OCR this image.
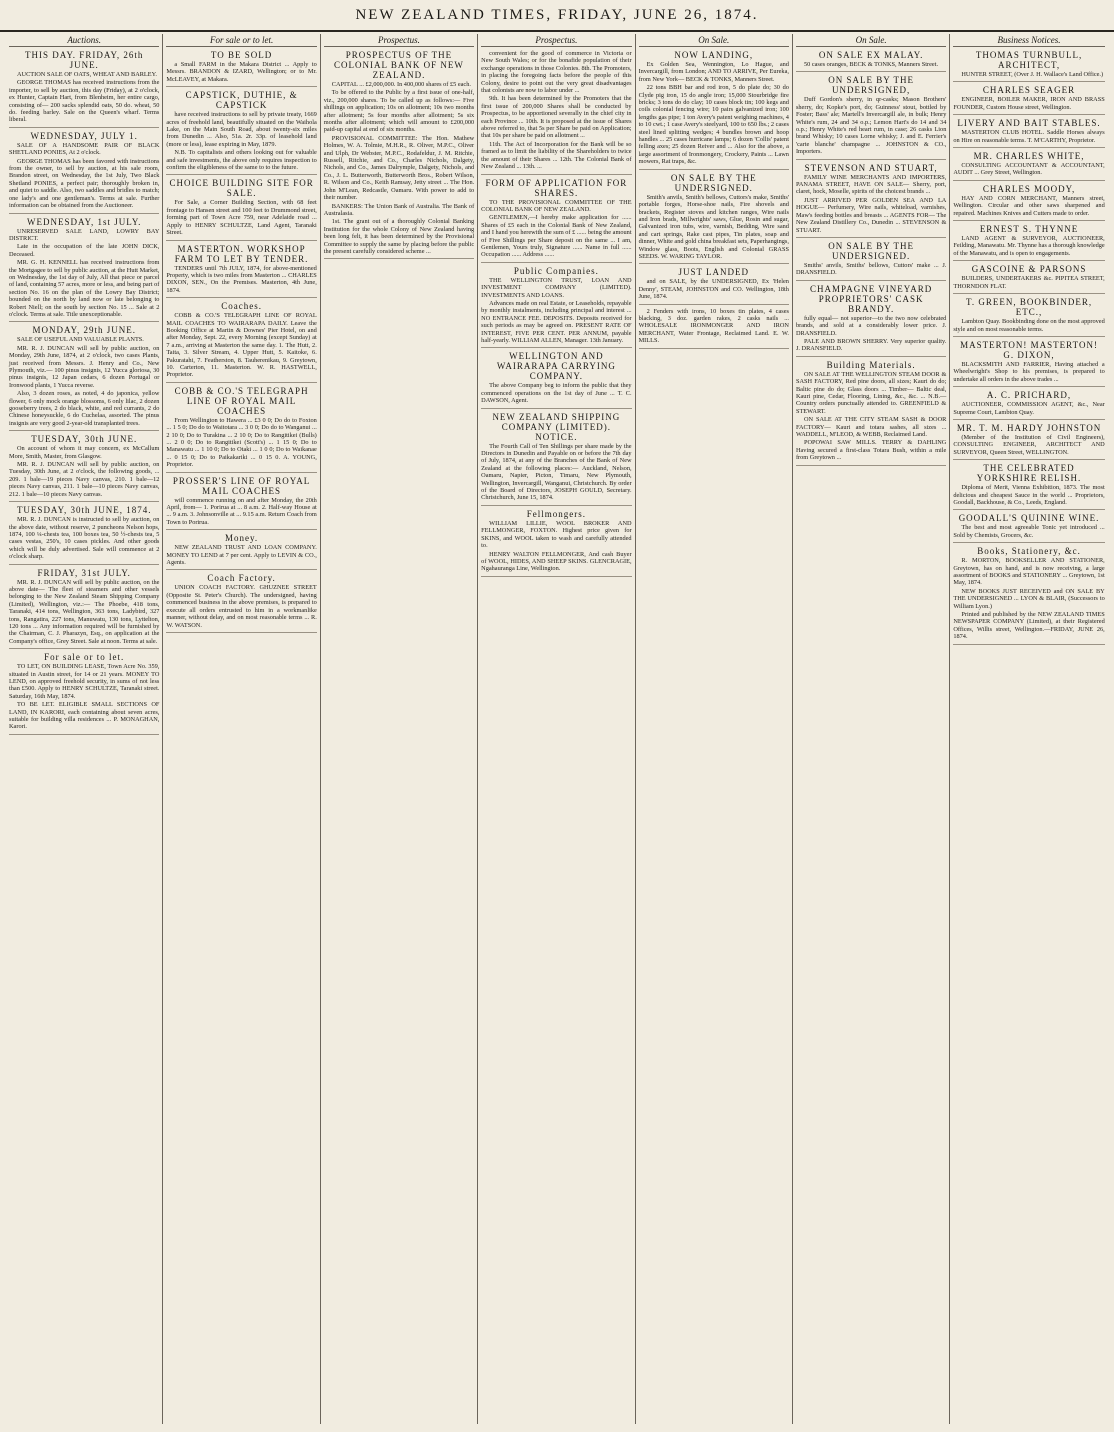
NEW ZEALAND TIMES, FRIDAY, JUNE 26, 1874.
Auctions.
THIS DAY. FRIDAY, 26th JUNE.
AUCTION SALE OF OATS, WHEAT AND BARLEY.
GEORGE THOMAS has received instructions from the importer, to sell by auction, this day (Friday), at 2 o'clock, ex Hunter, Captain Hart, from Blenheim, her entire cargo, consisting of— 200 sacks splendid oats, 50 do. wheat, 50 do. feeding barley. Sale on the Queen's wharf. Terms liberal.
WEDNESDAY, JULY 1.
SALE OF A HANDSOME PAIR OF BLACK SHETLAND PONIES, At 2 o'clock.
GEORGE THOMAS has been favored with instructions from the owner, to sell by auction, at his sale room, Brandon street, on Wednesday, the 1st July, Two Black Shetland PONIES, a perfect pair; thoroughly broken in, and quiet to saddle. Also, two saddles and bridles to match; one lady's and one gentleman's. Terms at sale. Further information can be obtained from the Auctioneer.
WEDNESDAY, 1st JULY.
UNRESERVED SALE LAND, LOWRY BAY DISTRICT.
Late in the occupation of the late JOHN DICK, Deceased.
MR. G. H. KENNELL has received instructions from the Mortgagee to sell by public auction, at the Hutt Market, on Wednesday, the 1st day of July, All that piece or parcel of land, containing 57 acres, more or less, and being part of section No. 16 on the plan of the Lowry Bay District; bounded on the north by land now or late belonging to Robert Niell; on the south by section No. 15 ... Sale at 2 o'clock. Terms at sale. Title unexceptionable.
MONDAY, 29th JUNE.
SALE OF USEFUL AND VALUABLE PLANTS.
MR. R. J. DUNCAN will sell by public auction, on Monday, 29th June, 1874, at 2 o'clock, two cases Plants, just received from Messrs. J. Henry and Co., New Plymouth, viz.— 100 pinus insignis, 12 Yucca gloriosa, 30 pinus insignis, 12 Japan cedars, 6 dozen Portugal or Ironwood plants, 1 Yucca reverse.
Also, 3 dozen roses, as noted, 4 do japonica, yellow flower, 6 only mock orange blossoms, 6 only lilac, 2 dozen gooseberry trees, 2 do black, white, and red currants, 2 do Chinese honeysuckle, 6 do Cuchelaa, assorted. The pinus insignis are very good 2-year-old transplanted trees.
TUESDAY, 30th JUNE.
On account of whom it may concern, ex McCallum More, Smith, Master, from Glasgow.
MR. R. J. DUNCAN will sell by public auction, on Tuesday, 30th June, at 2 o'clock, the following goods, ... 209. 1 bale—19 pieces Navy canvas, 210. 1 bale—12 pieces Navy canvas, 211. 1 bale—10 pieces Navy canvas, 212. 1 bale—10 pieces Navy canvas.
TUESDAY, 30th JUNE, 1874.
MR. R. J. DUNCAN is instructed to sell by auction, on the above date, without reserve, 2 puncheons Nelson hops, 1874, 100 ¼-chests tea, 100 boxes tea, 50 ½-chests tea, 5 cases vestas, 250's, 10 cases pickles. And other goods which will be duly advertised. Sale will commence at 2 o'clock sharp.
FRIDAY, 31st JULY.
MR. R. J. DUNCAN will sell by public auction, on the above date— The fleet of steamers and other vessels belonging to the New Zealand Steam Shipping Company (Limited), Wellington, viz.:— The Phoebe, 418 tons, Taranaki, 414 tons, Wellington, 363 tons, Ladybird, 327 tons, Rangatira, 227 tons, Manuwatu, 130 tons, Lyttelton, 120 tons ... Any information required will be furnished by the Chairman, C. J. Pharazyn, Esq., on application at the Company's office, Grey Street. Sale at noon. Terms at sale.
For sale or to let.
TO LET, ON BUILDING LEASE, Town Acre No. 359, situated in Austin street, for 14 or 21 years. MONEY TO LEND, on approved freehold security, in sums of not less than £500. Apply to HENRY SCHULTZE, Taranaki street. Saturday, 16th May, 1874.
TO BE LET. ELIGIBLE SMALL SECTIONS OF LAND, IN KARORI, each containing about seven acres, suitable for building villa residences ... P. MONAGHAN, Karori.
For sale or to let.
TO BE SOLD
a Small FARM in the Makara District ... Apply to Messrs. BRANDON & IZARD, Wellington; or to Mr. McLEAVEY, at Makara.
CAPSTICK, DUTHIE, & CAPSTICK
have received instructions to sell by private treaty, 1669 acres of freehold land, beautifully situated on the Waihola Lake, on the Main South Road, about twenty-six miles from Dunedin ... Also, 51a. 2r. 33p. of leasehold land (more or less), lease expiring in May, 1879.
N.B. To capitalists and others looking out for valuable and safe investments, the above only requires inspection to confirm the eligibleness of the same to to the future.
CHOICE BUILDING SITE FOR SALE.
For Sale, a Corner Building Section, with 68 feet frontage to Hansen street and 100 feet to Drummond street, forming part of Town Acre 759, near Adelaide road ... Apply to HENRY SCHULTZE, Land Agent, Taranaki Street.
MASTERTON. WORKSHOP FARM TO LET BY TENDER.
TENDERS until 7th JULY, 1874, for above-mentioned Property, which is two miles from Masterton ... CHARLES DIXON, SEN., On the Premises. Masterton, 4th June, 1874.
Coaches.
COBB & CO.'S TELEGRAPH LINE OF ROYAL MAIL COACHES TO WAIRARAPA DAILY. Leave the Booking Office at Martin & Downes' Pier Hotel, on and after Monday, Sept. 22, every Morning (except Sunday) at 7 a.m., arriving at Masterton the same day. 1. The Hutt, 2. Taita, 3. Silver Stream, 4. Upper Hutt, 5. Kaitoke, 6. Pakuratahi, 7. Featherston, 8. Tauherenikau, 9. Greytown, 10. Carterton, 11. Masterton. W. R. HASTWELL, Proprietor.
COBB & CO.'S TELEGRAPH LINE OF ROYAL MAIL COACHES
From Wellington to Hawera ... £3 0 0; Do do to Foxton ... 1 5 0; Do do to Waitotara ... 3 0 0; Do do to Wanganui ... 2 10 0; Do to Turakina ... 2 10 0; Do to Rangitikei (Bulls) ... 2 0 0; Do to Rangitikei (Scott's) ... 1 15 0; Do to Manawatu ... 1 10 0; Do to Otaki ... 1 0 0; Do to Waikanae ... 0 15 0; Do to Paikakariki ... 0 15 0. A. YOUNG, Proprietor.
PROSSER'S LINE OF ROYAL MAIL COACHES
will commence running on and after Monday, the 20th April, from— 1. Porirua at ... 8 a.m. 2. Half-way House at ... 9 a.m. 3. Johnsonville at ... 9.15 a.m. Return Coach from Town to Porirua.
Money.
NEW ZEALAND TRUST AND LOAN COMPANY. MONEY TO LEND at 7 per cent. Apply to LEVIN & CO., Agents.
Coach Factory.
UNION COACH FACTORY. GHUZNEE STREET (Opposite St. Peter's Church). The undersigned, having commenced business in the above premises, is prepared to execute all orders entrusted to him in a workmanlike manner, without delay, and on most reasonable terms ... R. W. WATSON.
Prospectus.
PROSPECTUS OF THE COLONIAL BANK OF NEW ZEALAND.
CAPITAL ... £2,000,000. In 400,000 shares of £5 each.
To be offered to the Public by a first issue of one-half, viz., 200,000 shares. To be called up as follows:— Five shillings on application; 10s on allotment; 10s two months after allotment; 5s four months after allotment; 5s six months after allotment; which will amount to £200,000 paid-up capital at end of six months.
PROVISIONAL COMMITTEE: The Hon. Mathew Holmes, W. A. Tolmie, M.H.R., R. Oliver, M.P.C., Oliver and Ulph, Dr Webster, M.P.C., Rodafeldur, J. M. Ritchie, Russell, Ritchie, and Co., Charles Nichols, Dalgety, Nichols, and Co., James Dalrymple, Dalgety, Nichols, and Co., J. L. Butterworth, Butterworth Bros., Robert Wilson, R. Wilson and Co., Keith Ramsay, Jetty street ... The Hon. John M'Lean, Redcastle, Oamaru. With power to add to their number.
BANKERS: The Union Bank of Australia. The Bank of Australasia.
1st. The grant out of a thoroughly Colonial Banking Institution for the whole Colony of New Zealand having been long felt, it has been determined by the Provisional Committee to supply the same by placing before the public the present carefully considered scheme ...
Prospectus.
convenient for the good of commerce in Victoria or New South Wales; or for the bonafide population of their exchange operations in those Colonies. 8th. The Promoters, in placing the foregoing facts before the people of this Colony, desire to point out the very great disadvantages that colonists are now to labor under ...
9th. It has been determined by the Promoters that the first issue of 200,000 Shares shall be conducted by Prospectus, to be apportioned severally in the chief city in each Province ... 10th. It is proposed at the issue of Shares above referred to, that 5s per Share be paid on Application; that 10s per share be paid on allotment ...
11th. The Act of Incorporation for the Bank will be so framed as to limit the liability of the Shareholders to twice the amount of their Shares ... 12th. The Colonial Bank of New Zealand ... 13th. ...
FORM OF APPLICATION FOR SHARES.
TO THE PROVISIONAL COMMITTEE OF THE COLONIAL BANK OF NEW ZEALAND.
GENTLEMEN,—I hereby make application for ...... Shares of £5 each in the Colonial Bank of New Zealand, and I hand you herewith the sum of £ ...... being the amount of Five Shillings per Share deposit on the same ... I am, Gentlemen, Yours truly, Signature ...... Name in full ...... Occupation ...... Address ......
Public Companies.
THE WELLINGTON TRUST, LOAN AND INVESTMENT COMPANY (LIMITED). INVESTMENTS AND LOANS.
Advances made on real Estate, or Leaseholds, repayable by monthly instalments, including principal and interest ... NO ENTRANCE FEE. DEPOSITS. Deposits received for such periods as may be agreed on. PRESENT RATE OF INTEREST, FIVE PER CENT. PER ANNUM, payable half-yearly. WILLIAM ALLEN, Manager. 13th January.
WELLINGTON AND WAIRARAPA CARRYING COMPANY.
The above Company beg to inform the public that they commenced operations on the 1st day of June ... T. C. DAWSON, Agent.
NEW ZEALAND SHIPPING COMPANY (LIMITED). NOTICE.
The Fourth Call of Ten Shillings per share made by the Directors in Dunedin and Payable on or before the 7th day of July, 1874, at any of the Branches of the Bank of New Zealand at the following places:— Auckland, Nelson, Oamaru, Napier, Picton, Timaru, New Plymouth, Wellington, Invercargill, Wanganui, Christchurch. By order of the Board of Directors, JOSEPH GOULD, Secretary. Christchurch, June 15, 1874.
Fellmongers.
WILLIAM LILLIE, WOOL BROKER AND FELLMONGER, FOXTON. Highest price given for SKINS, and WOOL taken to wash and carefully attended to.
HENRY WALTON FELLMONGER, And cash Buyer of WOOL, HIDES, AND SHEEP SKINS. GLENCRAGIE, Ngahauranga Line, Wellington.
On Sale.
NOW LANDING,
Ex Golden Sea, Wennington, Lo Hague, and Invercargill, from London; AND TO ARRIVE, Per Eureka, from New York— BECK & TONKS, Manners Street.
22 tons BBH bar and rod iron, 5 do plate do; 30 do Clyde pig iron, 15 do angle iron; 15,000 Stourbridge fire bricks; 3 tons do do clay; 10 cases block tin; 100 kegs and coils colonial fencing wire; 10 pairs galvanized iron; 100 lengths gas pipe; 1 ton Avery's patent weighing machines, 4 to 10 cwt.; 1 case Avery's steelyard, 100 to 650 lbs.; 2 cases steel lined splitting wedges; 4 bundles brown and hoop handles ... 25 cases hurricane lamps; 6 dozen 'Collis' patent felling axes; 25 dozen Reiver and ... Also for the above, a large assortment of Ironmongery, Crockery, Paints ... Lawn mowers, Rat traps, &c.
ON SALE BY THE UNDERSIGNED.
Smith's anvils, Smith's bellows, Cuttors's make, Smiths' portable forges, Horse-shoe nails, Fire shovels and brackets, Register stoves and kitchen ranges, Wire nails and Iron brads, Millwrights' saws, Glue, Rosin and sugar, Galvanized iron tubs, wire, varnish, Bedding, Wire sand and cart springs, Rake cast pipes, Tin plates, soap and dinner, White and gold china breakfast sets, Paperhangings, Window glass, Boots, English and Colonial GRASS SEEDS. W. WARING TAYLOR.
JUST LANDED
and on SALE, by the UNDERSIGNED, Ex 'Helen Denny', STEAM, JOHNSTON and CO. Wellington, 18th June, 1874.
2 Fenders with irons, 10 boxes tin plates, 4 cases blacking, 3 doz. garden rakes, 2 casks nails ... WHOLESALE IRONMONGER AND IRON MERCHANT, Water Frontage, Reclaimed Land. E. W. MILLS.
On Sale.
ON SALE EX MALAY.
50 cases oranges, BECK & TONKS, Manners Street.
ON SALE BY THE UNDERSIGNED,
Duff Gordon's sherry, in qr-casks; Mason Brothers' sherry, do; Kopke's port, do; Guinness' stout, bottled by Foster; Bass' ale; Martell's Invercargill ale, in bulk; Henry White's rum, 24 and 34 o.p.; Lemon Hart's do 14 and 34 o.p.; Henry White's red heart rum, in case; 26 casks Lion brand Whisky; 10 cases Lorne whisky; J. and E. Ferrier's 'carte blanche' champagne ... JOHNSTON & CO., Importers.
STEVENSON AND STUART,
FAMILY WINE MERCHANTS AND IMPORTERS, PANAMA STREET, HAVE ON SALE— Sherry, port, claret, hock, Moselle, spirits of the choicest brands ...
JUST ARRIVED PER GOLDEN SEA AND LA HOGUE— Perfumery, Wire nails, whiteload, varnishes, Maw's feeding bottles and breasts ... AGENTS FOR— The New Zealand Distillery Co., Dunedin ... STEVENSON & STUART.
ON SALE BY THE UNDERSIGNED.
Smiths' anvils, Smiths' bellows, Cuttors' make ... J. DRANSFIELD.
CHAMPAGNE VINEYARD PROPRIETORS' CASK BRANDY.
fully equal— not superior—to the two now celebrated brands, and sold at a considerably lower price. J. DRANSFIELD.
PALE AND BROWN SHERRY. Very superior quality. J. DRANSFIELD.
Building Materials.
ON SALE AT THE WELLINGTON STEAM DOOR & SASH FACTORY, Red pine doors, all sizes; Kauri do do; Baltic pine do do; Glass doors ... Timber— Baltic deal, Kauri pine, Cedar, Flooring, Lining, &c., &c. ... N.B.—Country orders punctually attended to. GREENFIELD & STEWART.
ON SALE AT THE CITY STEAM SASH & DOOR FACTORY— Kauri and totara sashes, all sizes ... WADDELL, M'LEOD, & WEBB, Reclaimed Land.
POPOWAI SAW MILLS. TERRY & DAHLING Having secured a first-class Totara Bush, within a mile from Greytown ...
Business Notices.
THOMAS TURNBULL, ARCHITECT,
HUNTER STREET, (Over J. H. Wallace's Land Office.)
CHARLES SEAGER
ENGINEER, BOILER MAKER, IRON AND BRASS FOUNDER, Custom House street, Wellington.
LIVERY AND BAIT STABLES.
MASTERTON CLUB HOTEL. Saddle Horses always on Hire on reasonable terms. T. M'CARTHY, Proprietor.
MR. CHARLES WHITE,
CONSULTING ACCOUNTANT & ACCOUNTANT, AUDIT ... Grey Street, Wellington.
CHARLES MOODY,
HAY AND CORN MERCHANT, Manners street, Wellington. Circular and other saws sharpened and repaired. Machines Knives and Cutters made to order.
ERNEST S. THYNNE
LAND AGENT & SURVEYOR, AUCTIONEER, Feilding, Manawatu. Mr. Thynne has a thorough knowledge of the Manawatu, and is open to engagements.
GASCOINE & PARSONS
BUILDERS, UNDERTAKERS &c. PIPITEA STREET, THORNDON FLAT.
T. GREEN, BOOKBINDER, ETC.,
Lambton Quay. Bookbinding done on the most approved style and on most reasonable terms.
MASTERTON! MASTERTON! G. DIXON,
BLACKSMITH AND FARRIER, Having attached a Wheelwright's Shop to his premises, is prepared to undertake all orders in the above trades ...
A. C. PRICHARD,
AUCTIONEER, COMMISSION AGENT, &c., Near Supreme Court, Lambton Quay.
MR. T. M. HARDY JOHNSTON
(Member of the Institution of Civil Engineers), CONSULTING ENGINEER, ARCHITECT AND SURVEYOR, Queen Street, WELLINGTON.
THE CELEBRATED YORKSHIRE RELISH.
Diploma of Merit, Vienna Exhibition, 1873. The most delicious and cheapest Sauce in the world ... Proprietors, Goodall, Backhouse, & Co., Leeds, England.
GOODALL'S QUININE WINE.
The best and most agreeable Tonic yet introduced ... Sold by Chemists, Grocers, &c.
Books, Stationery, &c.
R. MORTON, BOOKSELLER AND STATIONER, Greytown, has on hand, and is now receiving, a large assortment of BOOKS and STATIONERY ... Greytown, 1st May, 1874.
NEW BOOKS JUST RECEIVED and ON SALE BY THE UNDERSIGNED ... LYON & BLAIR, (Successors to William Lyon.)
Printed and published by the NEW ZEALAND TIMES NEWSPAPER COMPANY (Limited), at their Registered Offices, Willis street, Wellington.—FRIDAY, JUNE 26, 1874.
